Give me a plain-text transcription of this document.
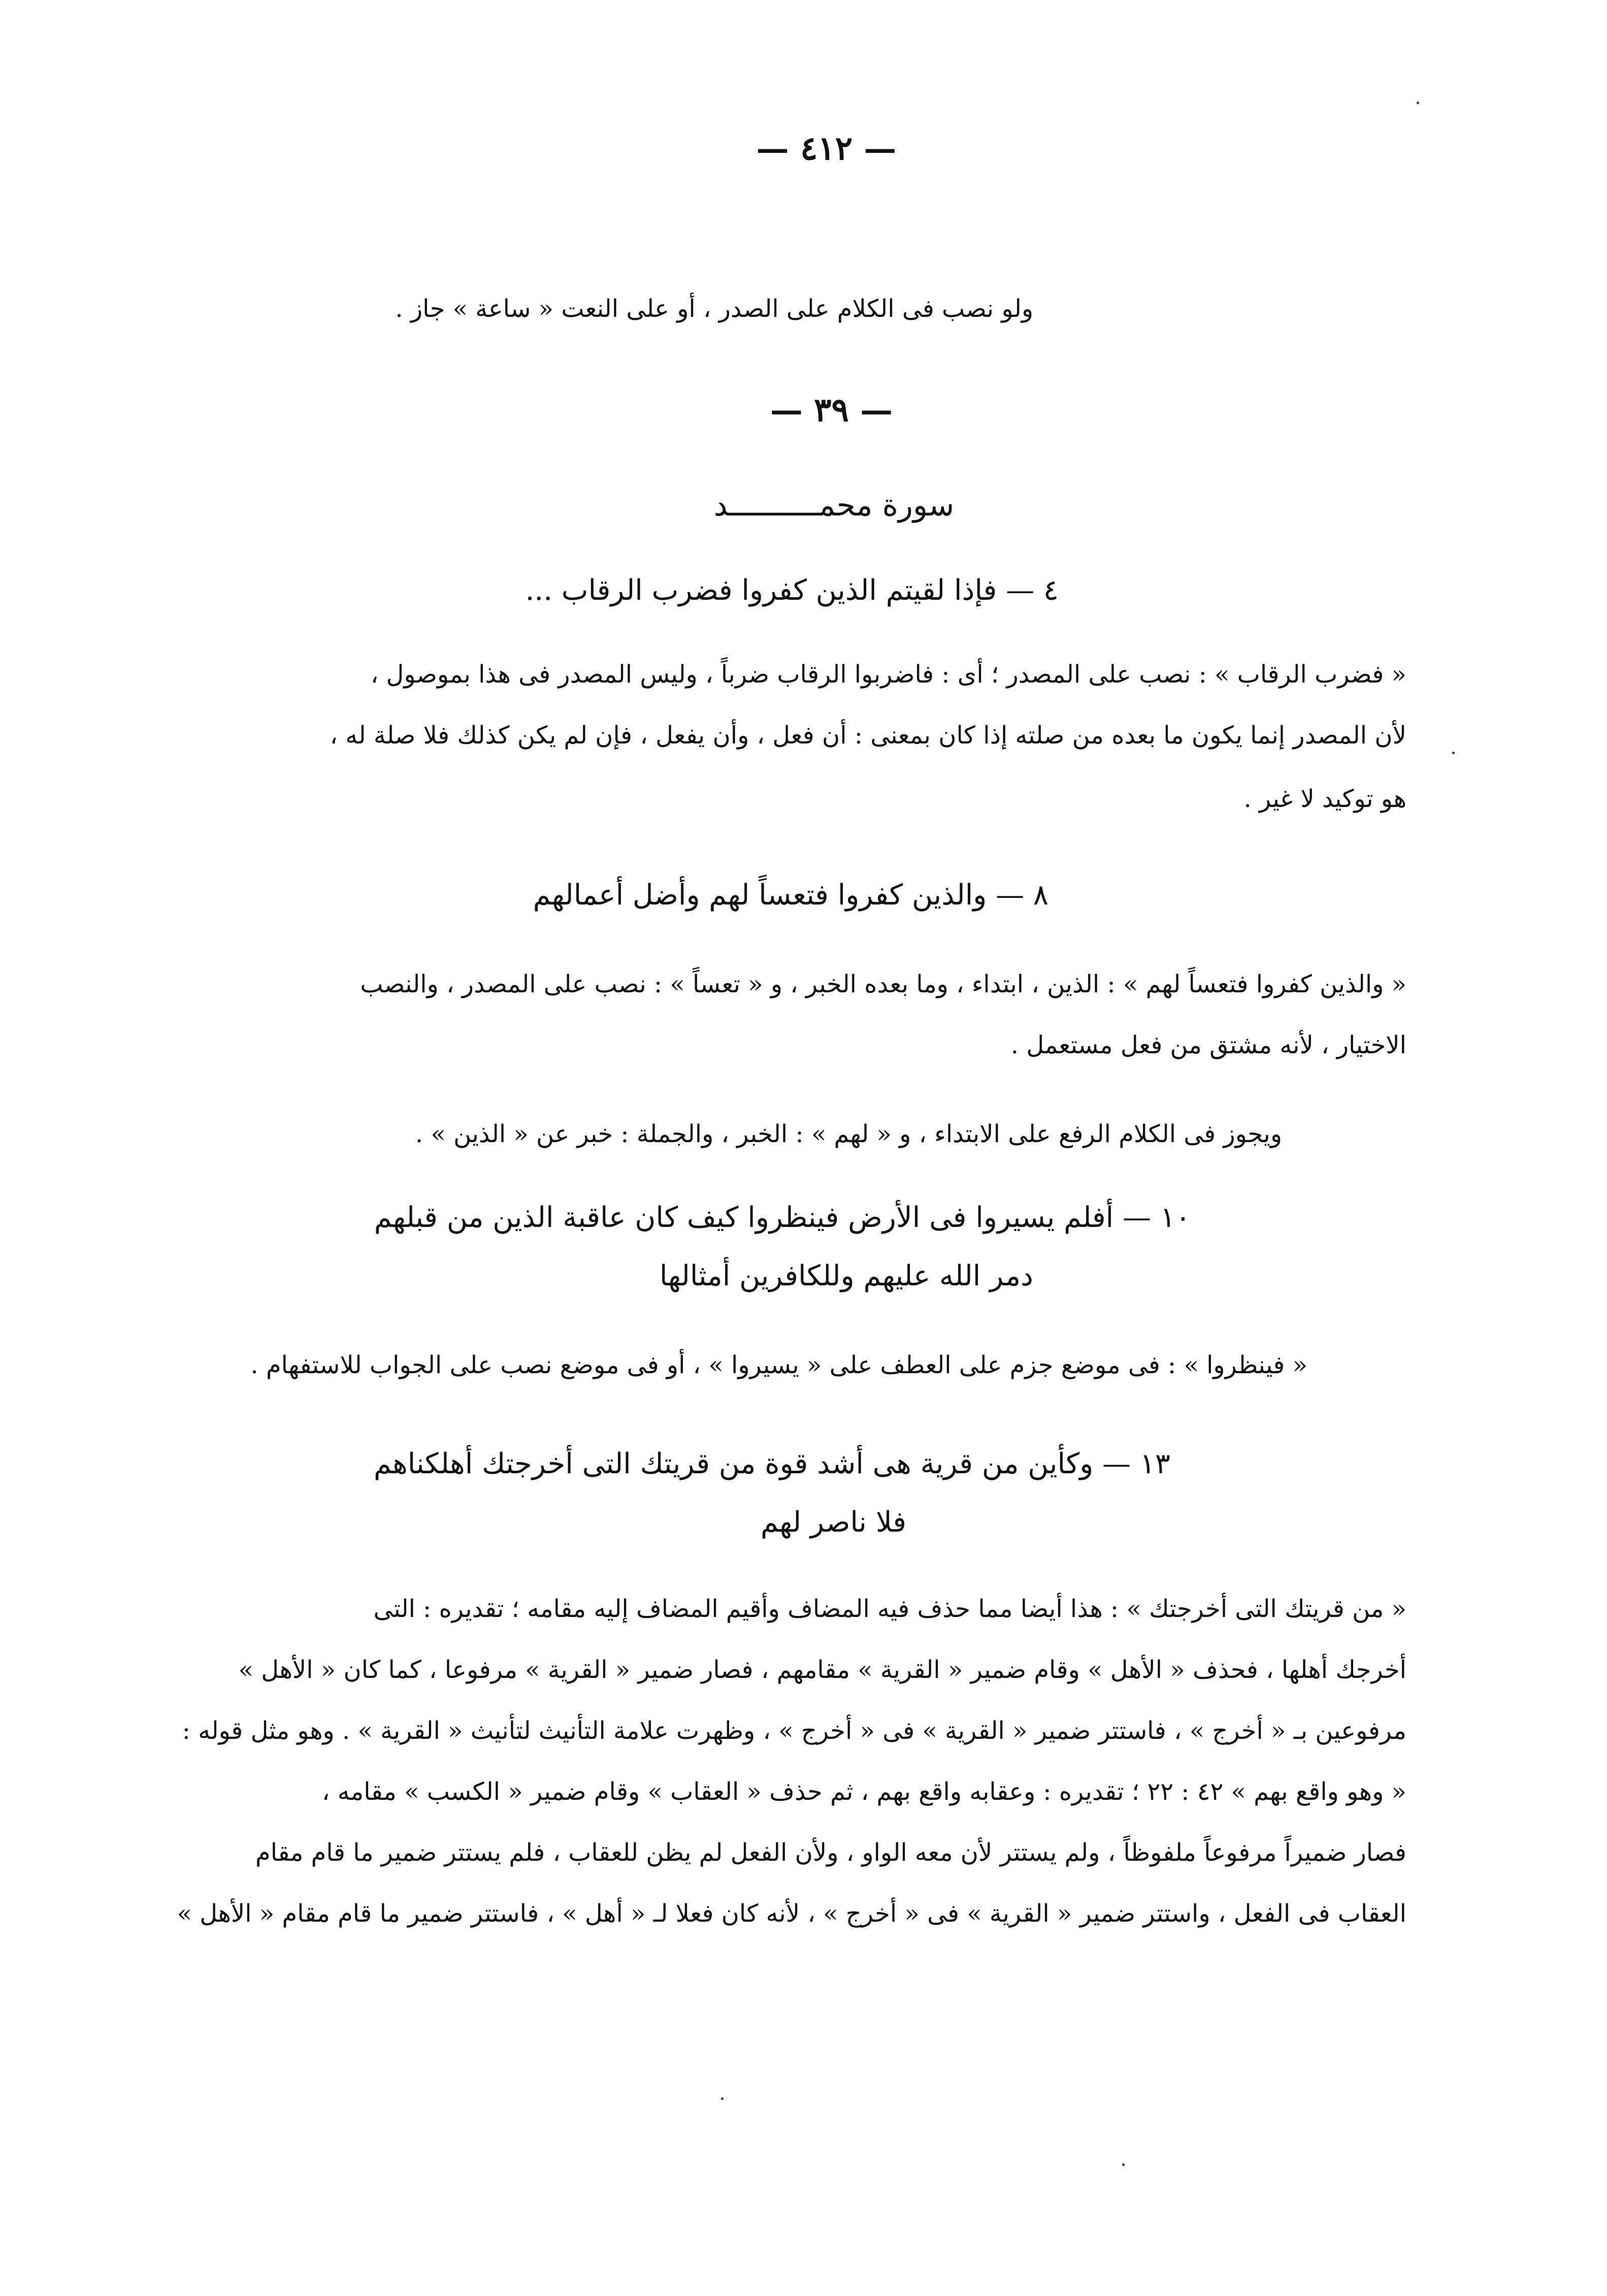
— ٤١٢ —
ولو نصب فى الكلام على الصدر ، أو على النعت « ساعة » جاز .
— ٣٩ —
سورة محمــــــــــد
٤ — فإذا لقيتم الذين كفروا فضرب الرقاب ...
« فضرب الرقاب » : نصب على المصدر ؛ أى : فاضربوا الرقاب ضرباً ، وليس المصدر فى هذا بموصول ،
لأن المصدر إنما يكون ما بعده من صلته إذا كان بمعنى : أن فعل ، وأن يفعل ، فإن لم يكن كذلك فلا صلة له ،
هو توكيد لا غير .
٨ — والذين كفروا فتعساً لهم وأضل أعمالهم
« والذين كفروا فتعساً لهم » : الذين ، ابتداء ، وما بعده الخبر ، و « تعساً » : نصب على المصدر ، والنصب
الاختيار ، لأنه مشتق من فعل مستعمل .
ويجوز فى الكلام الرفع على الابتداء ، و « لهم » : الخبر ، والجملة : خبر عن « الذين » .
١٠ — أفلم يسيروا فى الأرض فينظروا كيف كان عاقبة الذين من قبلهم
دمر الله عليهم وللكافرين أمثالها
« فينظروا » : فى موضع جزم على العطف على « يسيروا » ، أو فى موضع نصب على الجواب للاستفهام .
١٣ — وكأين من قرية هى أشد قوة من قريتك التى أخرجتك أهلكناهم
فلا ناصر لهم
« من قريتك التى أخرجتك » : هذا أيضا مما حذف فيه المضاف وأقيم المضاف إليه مقامه ؛ تقديره : التى
أخرجك أهلها ، فحذف « الأهل » وقام ضمير « القرية » مقامهم ، فصار ضمير « القرية » مرفوعا ، كما كان « الأهل »
مرفوعين بـ « أخرج » ، فاستتر ضمير « القرية » فى « أخرج » ، وظهرت علامة التأنيث لتأنيث « القرية » . وهو مثل قوله :
« وهو واقع بهم » ٤٢ : ٢٢ ؛ تقديره : وعقابه واقع بهم ، ثم حذف « العقاب » وقام ضمير « الكسب » مقامه ،
فصار ضميراً مرفوعاً ملفوظاً ، ولم يستتر لأن معه الواو ، ولأن الفعل لم يظن للعقاب ، فلم يستتر ضمير ما قام مقام
العقاب فى الفعل ، واستتر ضمير « القرية » فى « أخرج » ، لأنه كان فعلا لـ « أهل » ، فاستتر ضمير ما قام مقام « الأهل »
